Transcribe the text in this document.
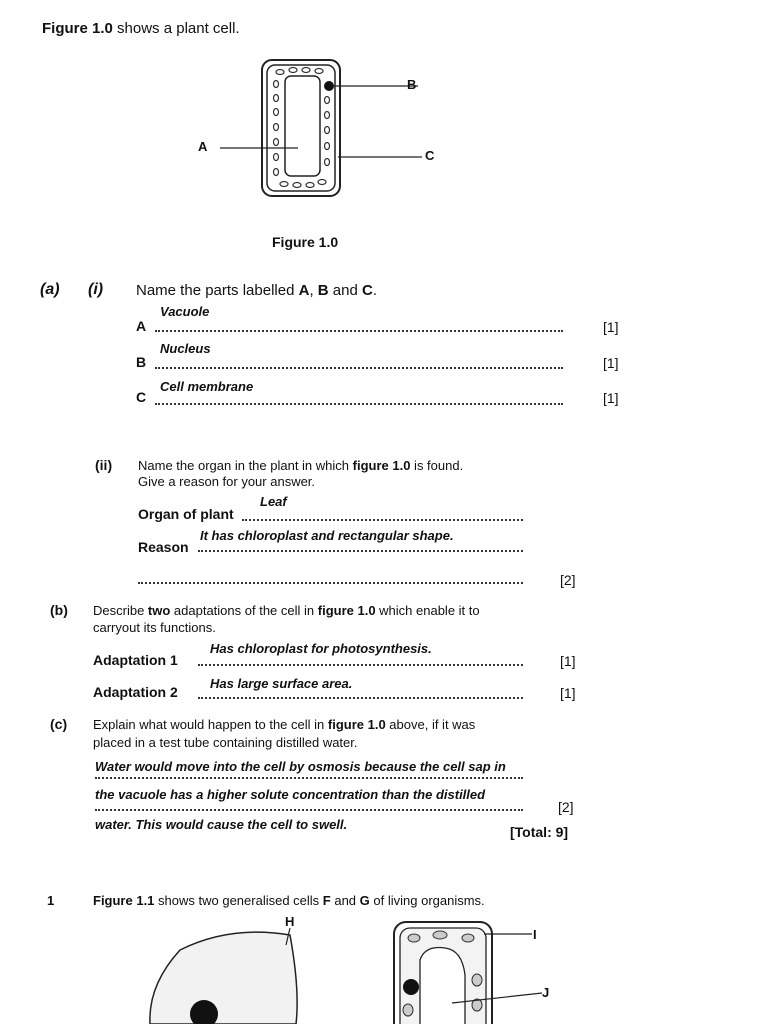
Figure 1.0 shows a plant cell.
B
A
C
Figure 1.0
(a) (i) Name the parts labelled A, B and C.
Vacuole
A	[1]
Nucleus
B	[1]
Cell membrane
C	[1]
(ii) Name the organ in the plant in which figure 1.0 is found.
Give a reason for your answer.
Leaf
Organ of plant
It has chloroplast and rectangular shape.
Reason
[2]
(b) Describe two adaptations of the cell in figure 1.0 which enable it to
carryout its functions.
Has chloroplast for photosynthesis.
Adaptation 1	[1]
Has large surface area.
Adaptation 2	[1]
(c) Explain what would happen to the cell in figure 1.0 above, if it was
placed in a test tube containing distilled water.
Water would move into the cell by osmosis because the cell sap in
the vacuole has a higher solute concentration than the distilled
[2]
water. This would cause the cell to swell.	[Total: 9]
1	Figure 1.1 shows two generalised cells F and G of living organisms.
H
I
J
